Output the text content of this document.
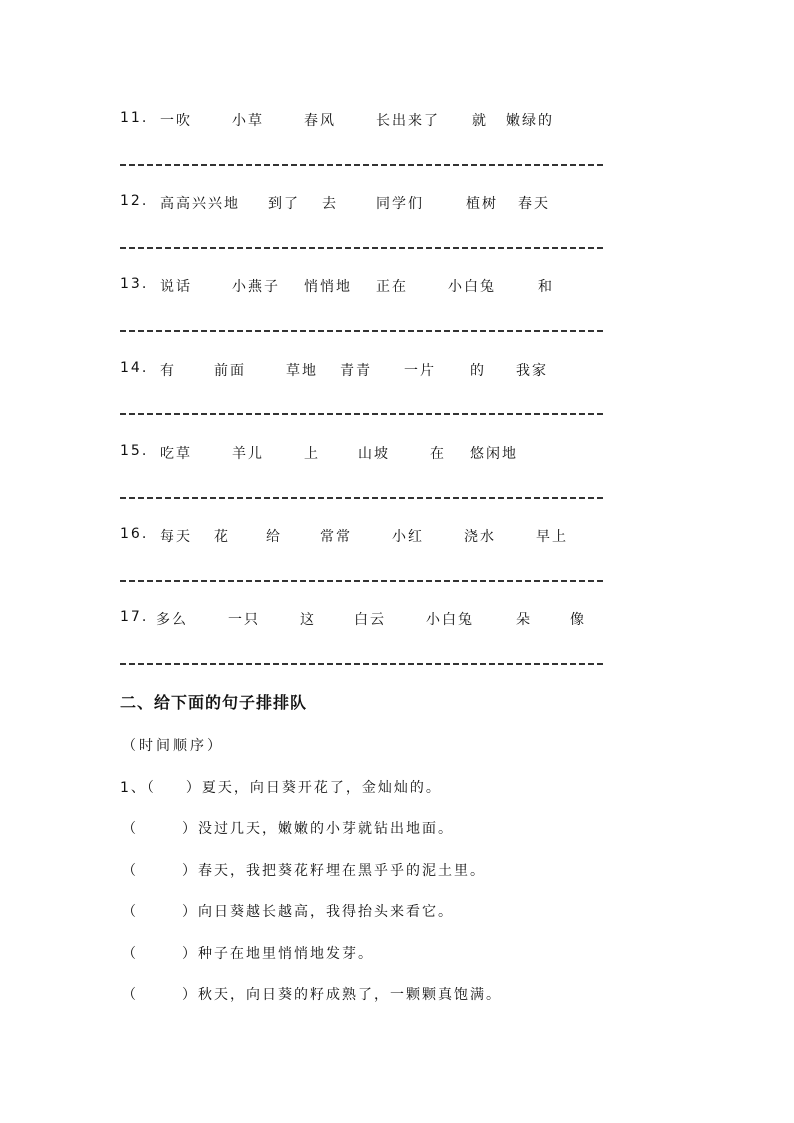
11. 一吹	小草	春风	长出来了 就 嫩绿的
12. 高高兴兴地 到了 去	同学们	植树 春天
13. 说话	小燕子 悄悄地 正在	小白兔	和
14. 有	前面	草地 青青 一片 的 我家
15. 吃草	羊儿	上	山坡	在 悠闲地
16. 每天 花	给	常常	小红	浇水	早上
17. 多么	一只	这	白云	小白兔	朵	像
二、给下面的句子排排队
（时间顺序）
1、（ ）夏天，向日葵开花了，金灿灿的。
（	）没过几天，嫩嫩的小芽就钻出地面。
（	）春天，我把葵花籽埋在黑乎乎的泥土里。
（	）向日葵越长越高，我得抬头来看它。
（	）种子在地里悄悄地发芽。
（	）秋天，向日葵的籽成熟了，一颗颗真饱满。
